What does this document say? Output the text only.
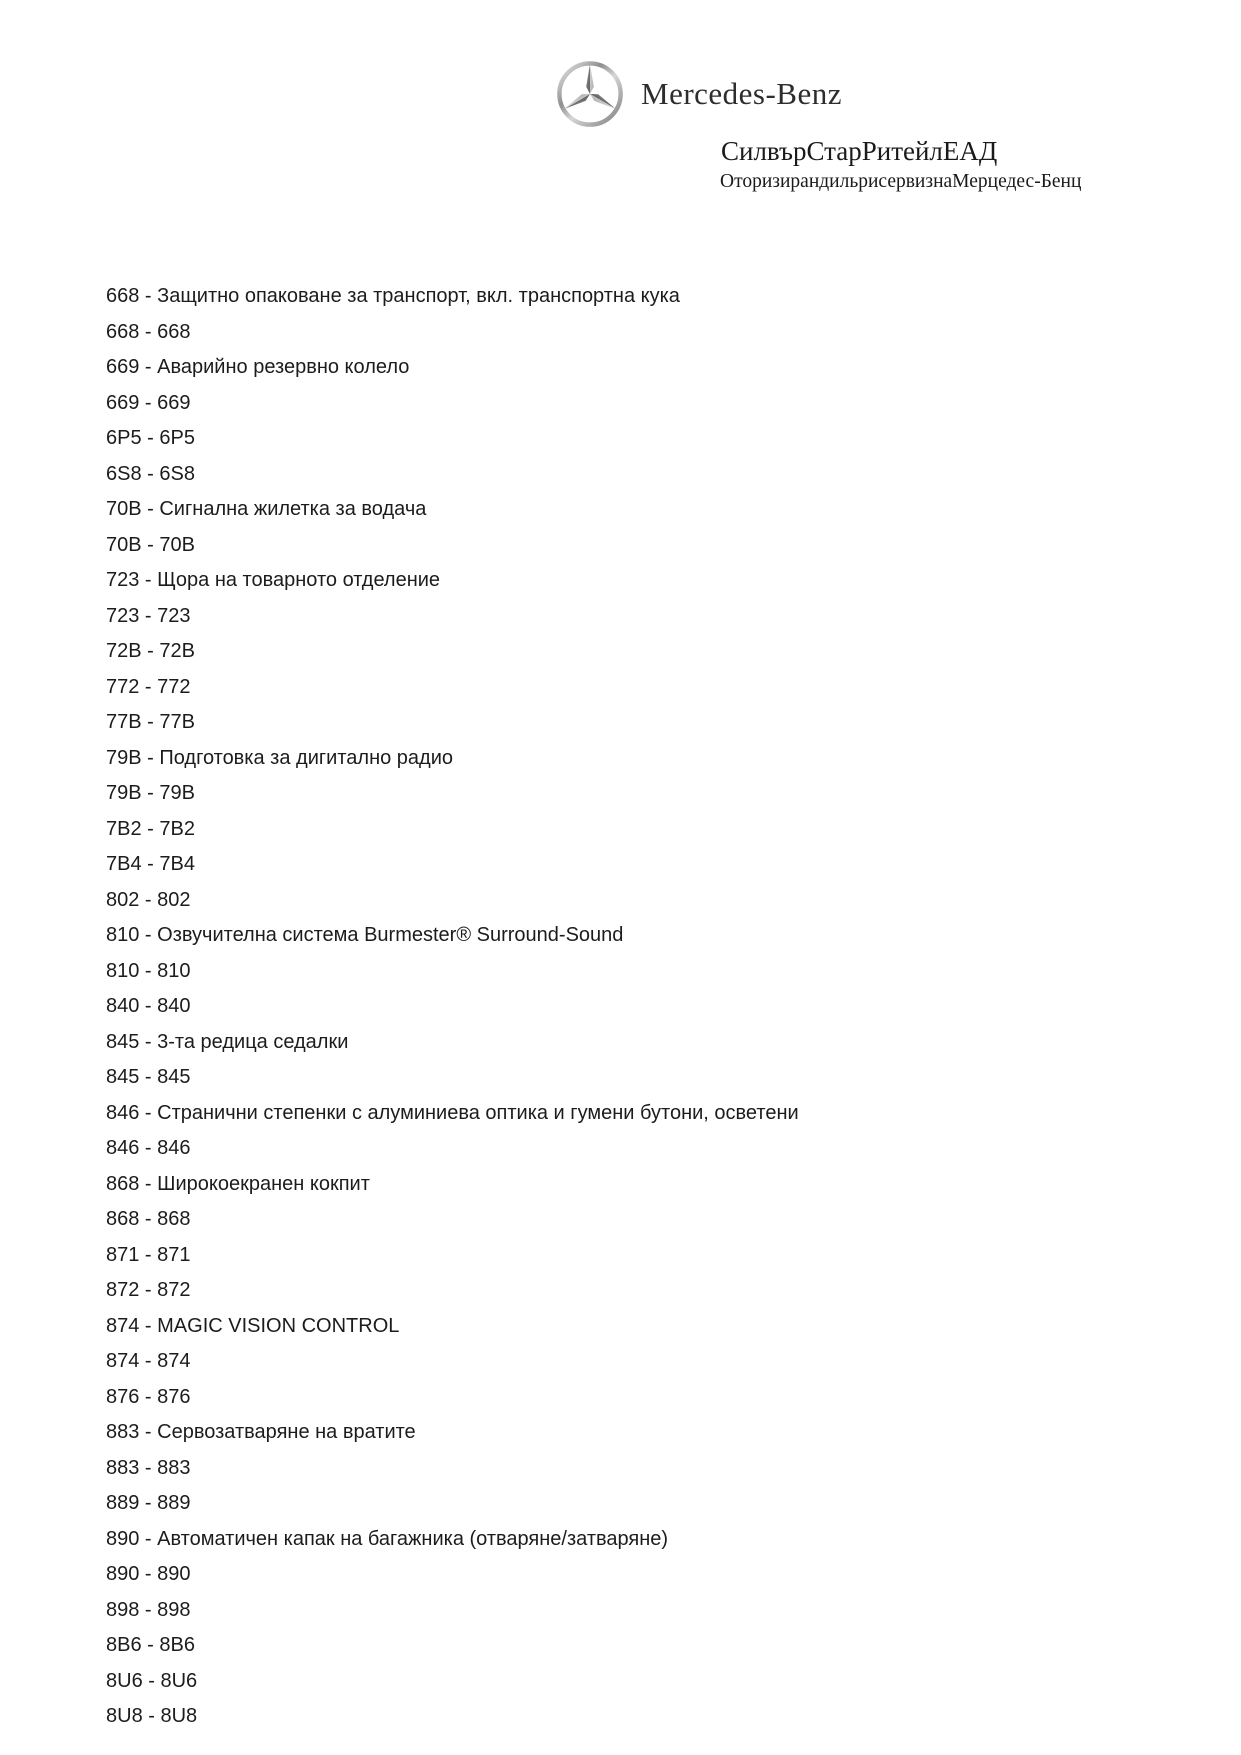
Mercedes-Benz
СилвърСтарРитейлЕАД
ОторизирандильрисервизнаМерцедес-Бенц
668 - Защитно опаковане за транспорт, вкл. транспортна кука
668 - 668
669 - Аварийно резервно колело
669 - 669
6P5 - 6P5
6S8 - 6S8
70B - Сигнална жилетка за водача
70B - 70B
723 - Щора на товарното отделение
723 - 723
72B - 72B
772 - 772
77B - 77B
79B - Подготовка за дигитално радио
79B - 79B
7B2 - 7B2
7B4 - 7B4
802 - 802
810 - Озвучителна система Burmester® Surround-Sound
810 - 810
840 - 840
845 - 3-та редица седалки
845 - 845
846 - Странични степенки с алуминиева оптика и гумени бутони, осветени
846 - 846
868 - Широкоекранен кокпит
868 - 868
871 - 871
872 - 872
874 - MAGIC VISION CONTROL
874 - 874
876 - 876
883 - Сервозатваряне на вратите
883 - 883
889 - 889
890 - Автоматичен капак на багажника (отваряне/затваряне)
890 - 890
898 - 898
8B6 - 8B6
8U6 - 8U6
8U8 - 8U8
